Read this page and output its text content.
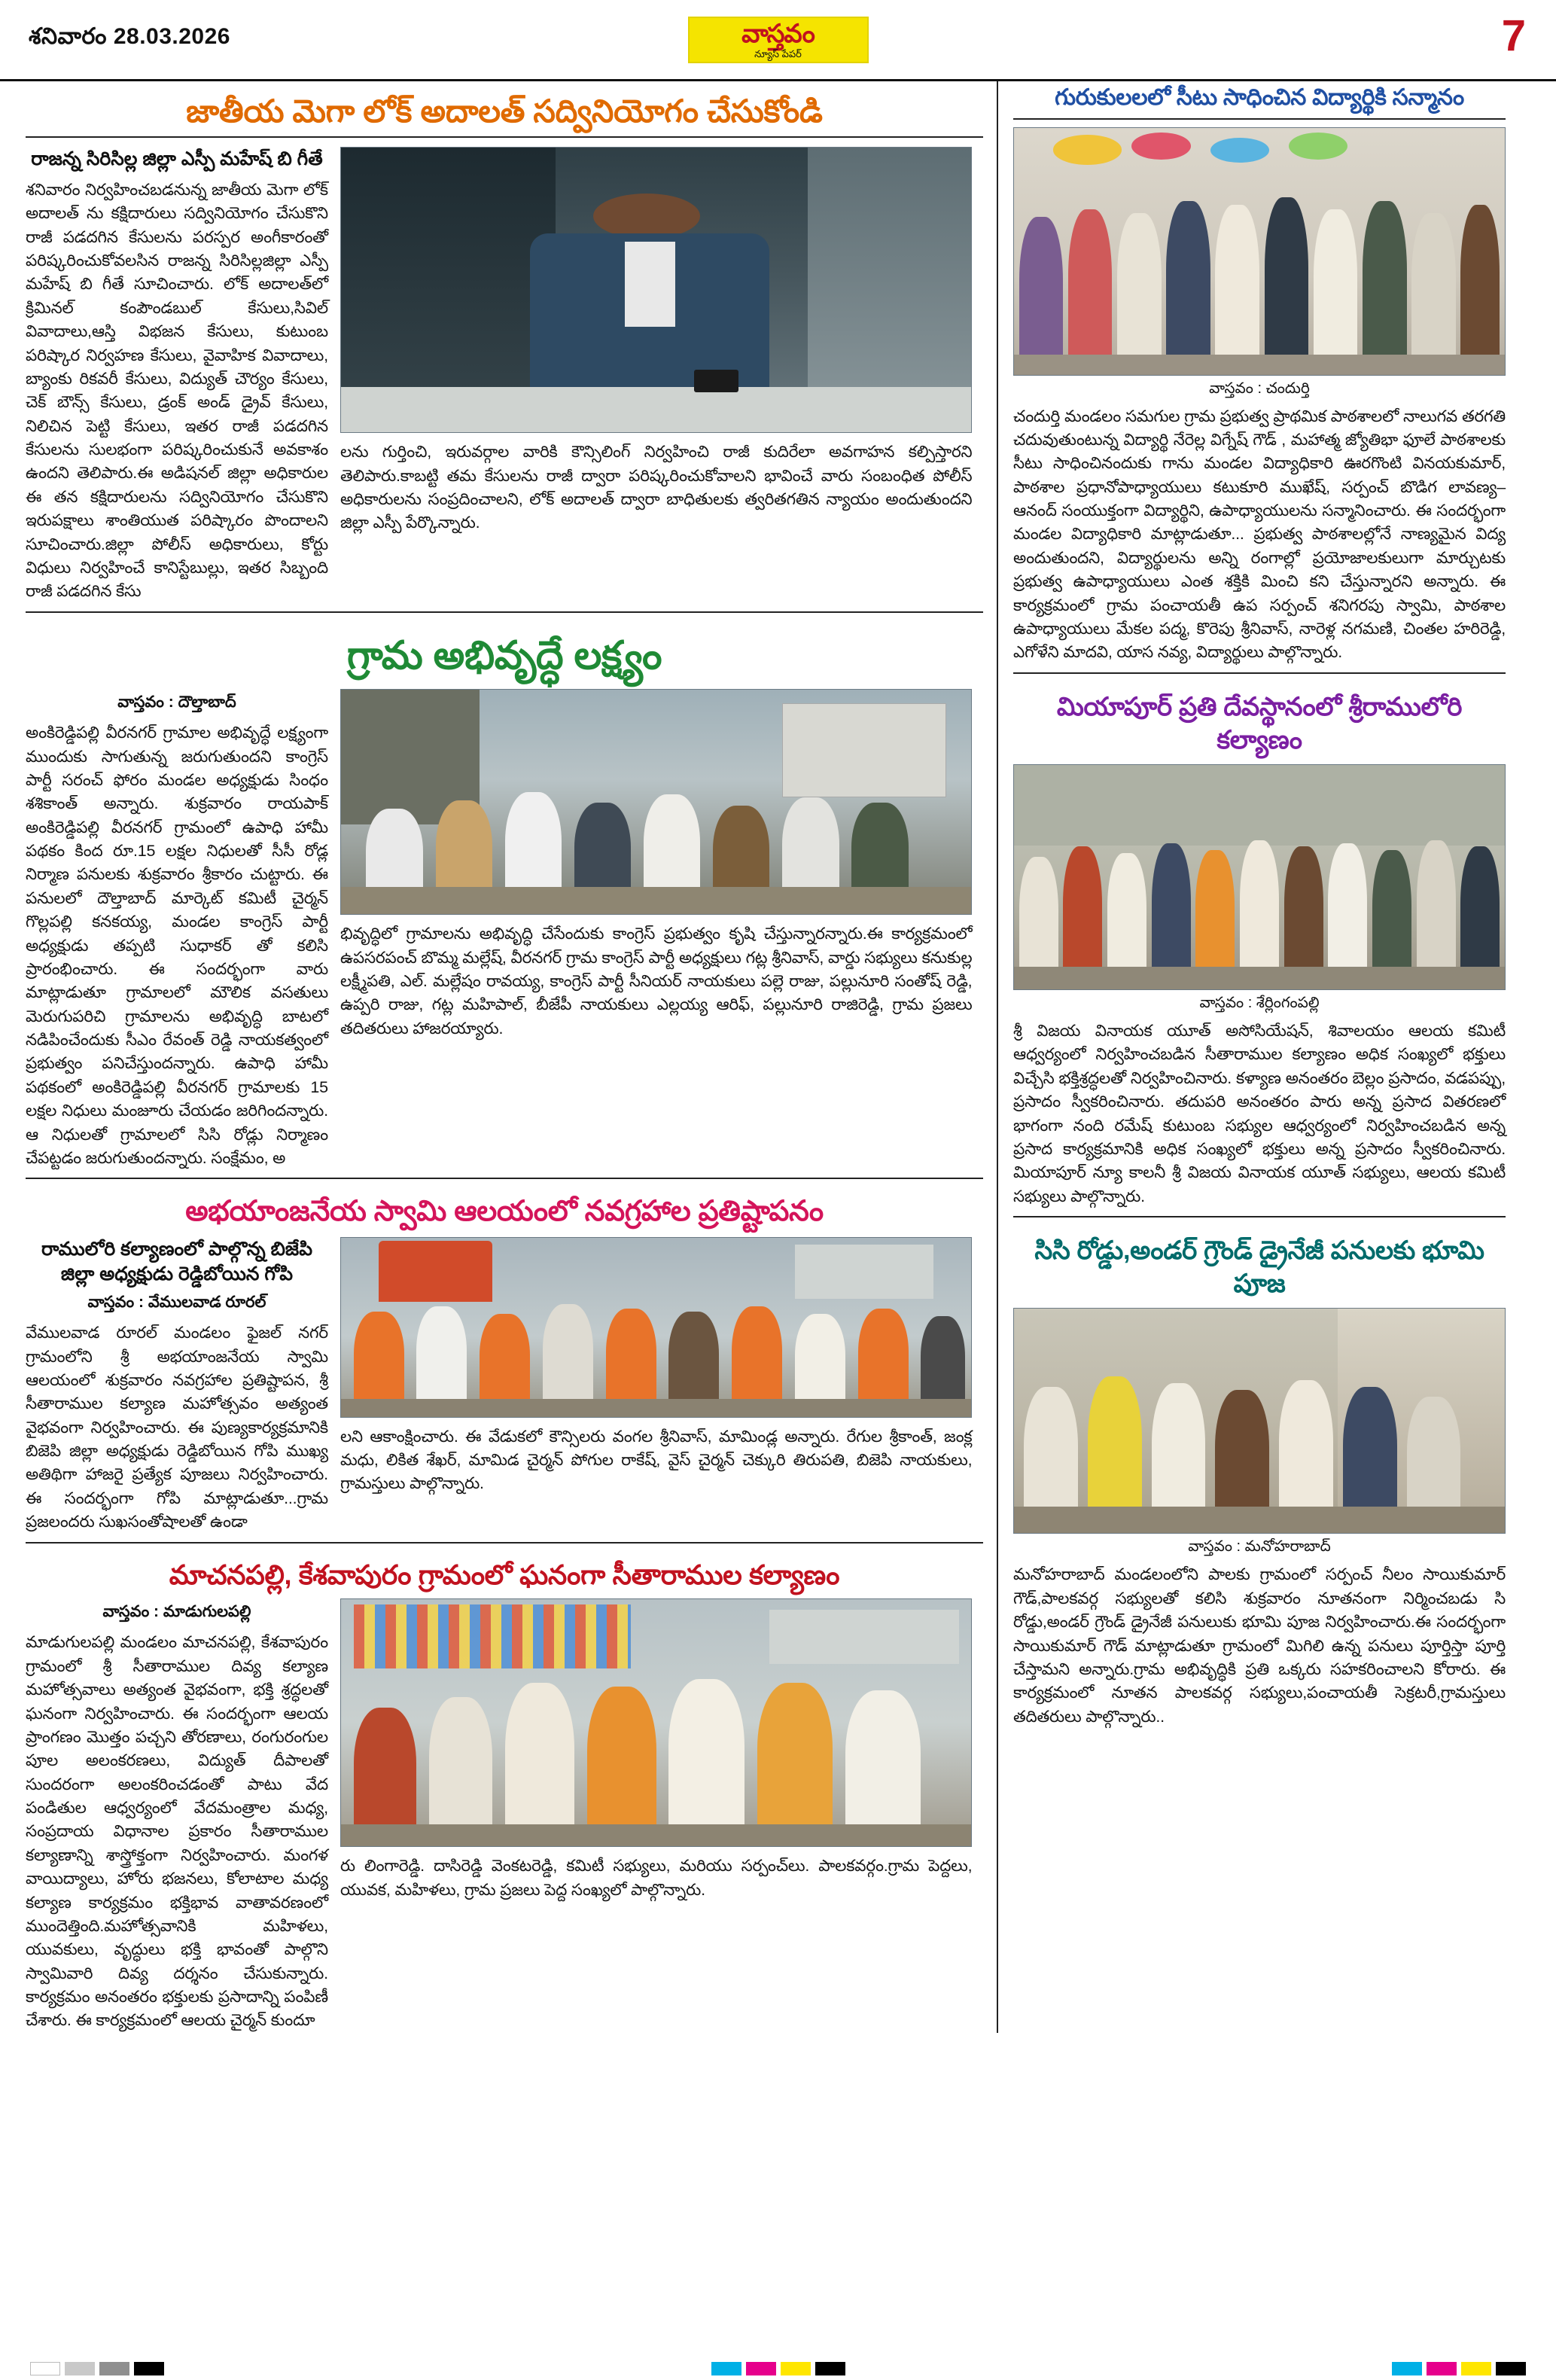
శనివారం 28.03.2026	వాస్తవం
న్యూస్ పేపర్	7
జాతీయ మెగా లోక్ అదాలత్ సద్వినియోగం చేసుకోండి
రాజన్న సిరిసిల్ల జిల్లా ఎస్పీ మహేష్ బి గీతే
శనివారం నిర్వహించబడనున్న జాతీయ మెగా లోక్ అదాలత్ ను కక్షిదారులు సద్వినియోగం చేసుకొని రాజీ పడదగిన కేసులను పరస్పర అంగీకారంతో పరిష్కరించుకోవలసిన రాజన్న సిరిసిల్లజిల్లా ఎస్పీ మహేష్ బి గీతే సూచించారు. లోక్ అదాలత్‌లో క్రిమినల్ కంపౌండబుల్ కేసులు,సివిల్ వివాదాలు,ఆస్తి విభజన కేసులు, కుటుంబ పరిష్కార నిర్వహణ కేసులు, వైవాహిక వివాదాలు, బ్యాంకు రికవరీ కేసులు, విద్యుత్ చౌర్యం కేసులు, చెక్ బౌన్స్ కేసులు, డ్రంక్ అండ్ డ్రైవ్ కేసులు, నిలిచిన పెట్టి కేసులు, ఇతర రాజీ పడదగిన కేసులను సులభంగా పరిష్కరించుకునే అవకాశం ఉందని తెలిపారు.ఈ అడిషనల్ జిల్లా అధికారుల ఈ తన కక్షిదారులను సద్వినియోగం చేసుకొని ఇరుపక్షాలు శాంతియుత పరిష్కారం పొందాలని సూచించారు.జిల్లా పోలీస్ అధికారులు, కోర్టు విధులు నిర్వహించే కానిస్టేబుల్లు, ఇతర సిబ్బంది రాజీ పడదగిన కేసు
లను గుర్తించి, ఇరువర్గాల వారికి కౌన్సిలింగ్ నిర్వహించి రాజీ కుదిరేలా అవగాహన కల్పిస్తారని తెలిపారు.కాబట్టి తమ కేసులను రాజీ ద్వారా పరిష్కరించుకోవాలని భావించే వారు సంబంధిత పోలీస్ అధికారులను సంప్రదించాలని, లోక్ అదాలత్ ద్వారా బాధితులకు త్వరితగతిన న్యాయం అందుతుందని జిల్లా ఎస్పీ పేర్కొన్నారు.
గ్రామ అభివృద్ధే లక్ష్యం
వాస్తవం : దౌల్తాబాద్
అంకిరెడ్డిపల్లి వీరనగర్ గ్రామాల అభివృద్ధే లక్ష్యంగా ముందుకు సాగుతున్న జరుగుతుందని కాంగ్రెస్ పార్టీ సరంచ్ ఫోరం మండల అధ్యక్షుడు సింధం శశికాంత్ అన్నారు. శుక్రవారం రాయపాక్ అంకిరెడ్డిపల్లి వీరనగర్ గ్రామంలో ఉపాధి హామీ పథకం కింద రూ.15 లక్షల నిధులతో సీసీ రోడ్ల నిర్మాణ పనులకు శుక్రవారం శ్రీకారం చుట్టారు. ఈ పనులలో దౌల్తాబాద్ మార్కెట్ కమిటీ చైర్మన్ గొల్లపల్లి కనకయ్య, మండల కాంగ్రెస్ పార్టీ అధ్యక్షుడు తప్పటి సుధాకర్ తో కలిసి ప్రారంభించారు. ఈ సందర్భంగా వారు మాట్లాడుతూ గ్రామాలలో మౌలిక వసతులు మెరుగుపరిచి గ్రామాలను అభివృద్ధి బాటలో నడిపించేందుకు సీఎం రేవంత్ రెడ్డి నాయకత్వంలో ప్రభుత్వం పనిచేస్తుందన్నారు. ఉపాధి హామీ పథకంలో అంకిరెడ్డిపల్లి వీరనగర్ గ్రామాలకు 15 లక్షల నిధులు మంజూరు చేయడం జరిగిందన్నారు. ఆ నిధులతో గ్రామాలలో సిసి రోడ్లు నిర్మాణం చేపట్టడం జరుగుతుందన్నారు. సంక్షేమం, అ
భివృద్ధిలో గ్రామాలను అభివృద్ధి చేసేందుకు కాంగ్రెస్ ప్రభుత్వం కృషి చేస్తున్నారన్నారు.ఈ కార్యక్రమంలో ఉపసరపంచ్ బొమ్మ మల్లేష్, వీరనగర్ గ్రామ కాంగ్రెస్ పార్టీ అధ్యక్షులు గట్ల శ్రీనివాస్, వార్డు సభ్యులు కనుకుల్ల లక్ష్మీపతి, ఎల్. మల్లేషం రావయ్య, కాంగ్రెస్ పార్టీ సీనియర్ నాయకులు పల్లె రాజు, పల్లునూరి సంతోష్ రెడ్డి, ఉప్పరి రాజు, గట్ల మహిపాల్, బీజేపీ నాయకులు ఎల్లయ్య ఆరిఫ్, పల్లునూరి రాజిరెడ్డి, గ్రామ ప్రజలు తదితరులు హాజరయ్యారు.
అభయాంజనేయ స్వామి ఆలయంలో నవగ్రహాల ప్రతిష్టాపనం
రాములోరి కల్యాణంలో పాల్గొన్న బిజేపి జిల్లా అధ్యక్షుడు రెడ్డిబోయిన గోపి
వాస్తవం : వేములవాడ రూరల్
వేములవాడ రూరల్ మండలం ఫైజల్ నగర్ గ్రామంలోని శ్రీ అభయాంజనేయ స్వామి ఆలయంలో శుక్రవారం నవగ్రహాల ప్రతిష్టాపన, శ్రీ సీతారాముల కల్యాణ మహోత్సవం అత్యంత వైభవంగా నిర్వహించారు. ఈ పుణ్యకార్యక్రమానికి బిజెపి జిల్లా అధ్యక్షుడు రెడ్డిబోయిన గోపి ముఖ్య అతిథిగా హాజరై ప్రత్యేక పూజలు నిర్వహించారు. ఈ సందర్భంగా గోపి మాట్లాడుతూ...గ్రామ ప్రజలందరు సుఖసంతోషాలతో ఉండా
లని ఆకాంక్షించారు. ఈ వేడుకలో కౌన్సిలరు వంగల శ్రీనివాస్, మామిండ్ల అన్నారు. రేగుల శ్రీకాంత్, జంక్ల మధు, లికిత శేఖర్, మామిడ చైర్మన్ పోగుల రాకేష్, వైస్ చైర్మన్ చెక్కురి తిరుపతి, బిజెపి నాయకులు, గ్రామస్తులు పాల్గొన్నారు.
మాచనపల్లి, కేశవాపురం గ్రామంలో ఘనంగా సీతారాముల కల్యాణం
వాస్తవం : మాడుగులపల్లి
మాడుగులపల్లి మండలం మాచనపల్లి, కేశవాపురం గ్రామంలో శ్రీ సీతారాముల దివ్య కల్యాణ మహోత్సవాలు అత్యంత వైభవంగా, భక్తి శ్రద్ధలతో ఘనంగా నిర్వహించారు. ఈ సందర్భంగా ఆలయ ప్రాంగణం మొత్తం పచ్చని తోరణాలు, రంగురంగుల పూల అలంకరణలు, విద్యుత్ దీపాలతో సుందరంగా అలంకరించడంతో పాటు వేద పండితుల ఆధ్వర్యంలో వేదమంత్రాల మధ్య, సంప్రదాయ విధానాల ప్రకారం సీతారాముల కల్యాణాన్ని శాస్త్రోక్తంగా నిర్వహించారు. మంగళ వాయిద్యాలు, హోరు భజనలు, కోలాటాల మధ్య కల్యాణ కార్యక్రమం భక్తిభావ వాతావరణంలో ముందెత్తింది.మహోత్సవానికి మహిళలు, యువకులు, వృద్ధులు భక్తి భావంతో పాల్గొని స్వామివారి దివ్య దర్శనం చేసుకున్నారు. కార్యక్రమం అనంతరం భక్తులకు ప్రసాదాన్ని పంపిణీ చేశారు. ఈ కార్యక్రమంలో ఆలయ చైర్మన్ కుందూ
రు లింగారెడ్డి. దాసిరెడ్డి వెంకటరెడ్డి, కమిటీ సభ్యులు, మరియు సర్పంచ్‌లు. పాలకవర్గం.గ్రామ పెద్దలు, యువక, మహిళలు, గ్రామ ప్రజలు పెద్ద సంఖ్యలో పాల్గొన్నారు.
గురుకులలలో సీటు సాధించిన విద్యార్థికి సన్మానం
వాస్తవం : చందుర్తి
చందుర్తి మండలం సమగుల గ్రామ ప్రభుత్వ ప్రాథమిక పాఠశాలలో నాలుగవ తరగతి చదువుతుంటున్న విద్యార్థి నేరెల్ల విగ్నేష్ గౌడ్ , మహాత్మ జ్యోతిభా ఫూలే పాఠశాలకు సీటు సాధించినందుకు గాను మండల విద్యాధికారి ఊరగొంటి వినయకుమార్, పాఠశాల ప్రధానోపాధ్యాయులు కటుకూరి ముఖేష్, సర్పంచ్ బొడిగ లావణ్య– ఆనంద్ సంయుక్తంగా విద్యార్థిని, ఉపాధ్యాయులను సన్మానించారు. ఈ సందర్భంగా మండల విద్యాధికారి మాట్లాడుతూ... ప్రభుత్వ పాఠశాలల్లోనే నాణ్యమైన విద్య అందుతుందని, విద్యార్థులను అన్ని రంగాల్లో ప్రయోజాలకులుగా మార్చుటకు ప్రభుత్వ ఉపాధ్యాయులు ఎంత శక్తికి మించి కని చేస్తున్నారని అన్నారు. ఈ కార్యక్రమంలో గ్రామ పంచాయతీ ఉప సర్పంచ్ శనిగరపు స్వామి, పాఠశాల ఉపాధ్యాయులు మేకల పద్మ, కొరెపు శ్రీనివాస్, నారెళ్ల నగమణి, చింతల హరిరెడ్డి, ఎగోళేని మాదవి, యాస నవ్య, విద్యార్థులు పాల్గొన్నారు.
మియాపూర్ ప్రతి దేవస్థానంలో శ్రీరాములోరి కల్యాణం
వాస్తవం : శేర్లింగంపల్లి
శ్రీ విజయ వినాయక యూత్ అసోసియేషన్, శివాలయం ఆలయ కమిటీ ఆధ్వర్యంలో నిర్వహించబడిన సీతారాముల కల్యాణం అధిక సంఖ్యలో భక్తులు విచ్చేసి భక్తిశ్రద్ధలతో నిర్వహించినారు. కళ్యాణ అనంతరం బెల్లం ప్రసాదం, వడపప్పు, ప్రసాదం స్వీకరించినారు. తదుపరి అనంతరం పారు అన్న ప్రసాద వితరణలో భాగంగా నంది రమేష్ కుటుంబ సభ్యుల ఆధ్వర్యంలో నిర్వహించబడిన అన్న ప్రసాద కార్యక్రమానికి అధిక సంఖ్యలో భక్తులు అన్న ప్రసాదం స్వీకరించినారు. మియాపూర్ న్యూ కాలనీ శ్రీ విజయ వినాయక యూత్ సభ్యులు, ఆలయ కమిటీ సభ్యులు పాల్గొన్నారు.
సిసి రోడ్డు,అండర్ గ్రౌండ్ డ్రైనేజీ పనులకు భూమి పూజ
వాస్తవం : మనోహరాబాద్
మనోహరాబాద్ మండలంలోని పాలకు గ్రామంలో సర్పంచ్ నీలం సాయికుమార్ గౌడ్,పాలకవర్గ సభ్యులతో కలిసి శుక్రవారం నూతనంగా నిర్మించబడు సి రోడ్డు,అండర్ గ్రౌండ్ డ్రైనేజీ పనులుకు భూమి పూజ నిర్వహించారు.ఈ సందర్భంగా సాయికుమార్ గౌడ్ మాట్లాడుతూ గ్రామంలో మిగిలి ఉన్న పనులు పూర్తిస్తా పూర్తి చేస్తామని అన్నారు.గ్రామ అభివృద్ధికి ప్రతి ఒక్కరు సహకరించాలని కోరారు. ఈ కార్యక్రమంలో నూతన పాలకవర్గ సభ్యులు,పంచాయతీ సెక్రటరీ,గ్రామస్తులు తదితరులు పాల్గొన్నారు..
